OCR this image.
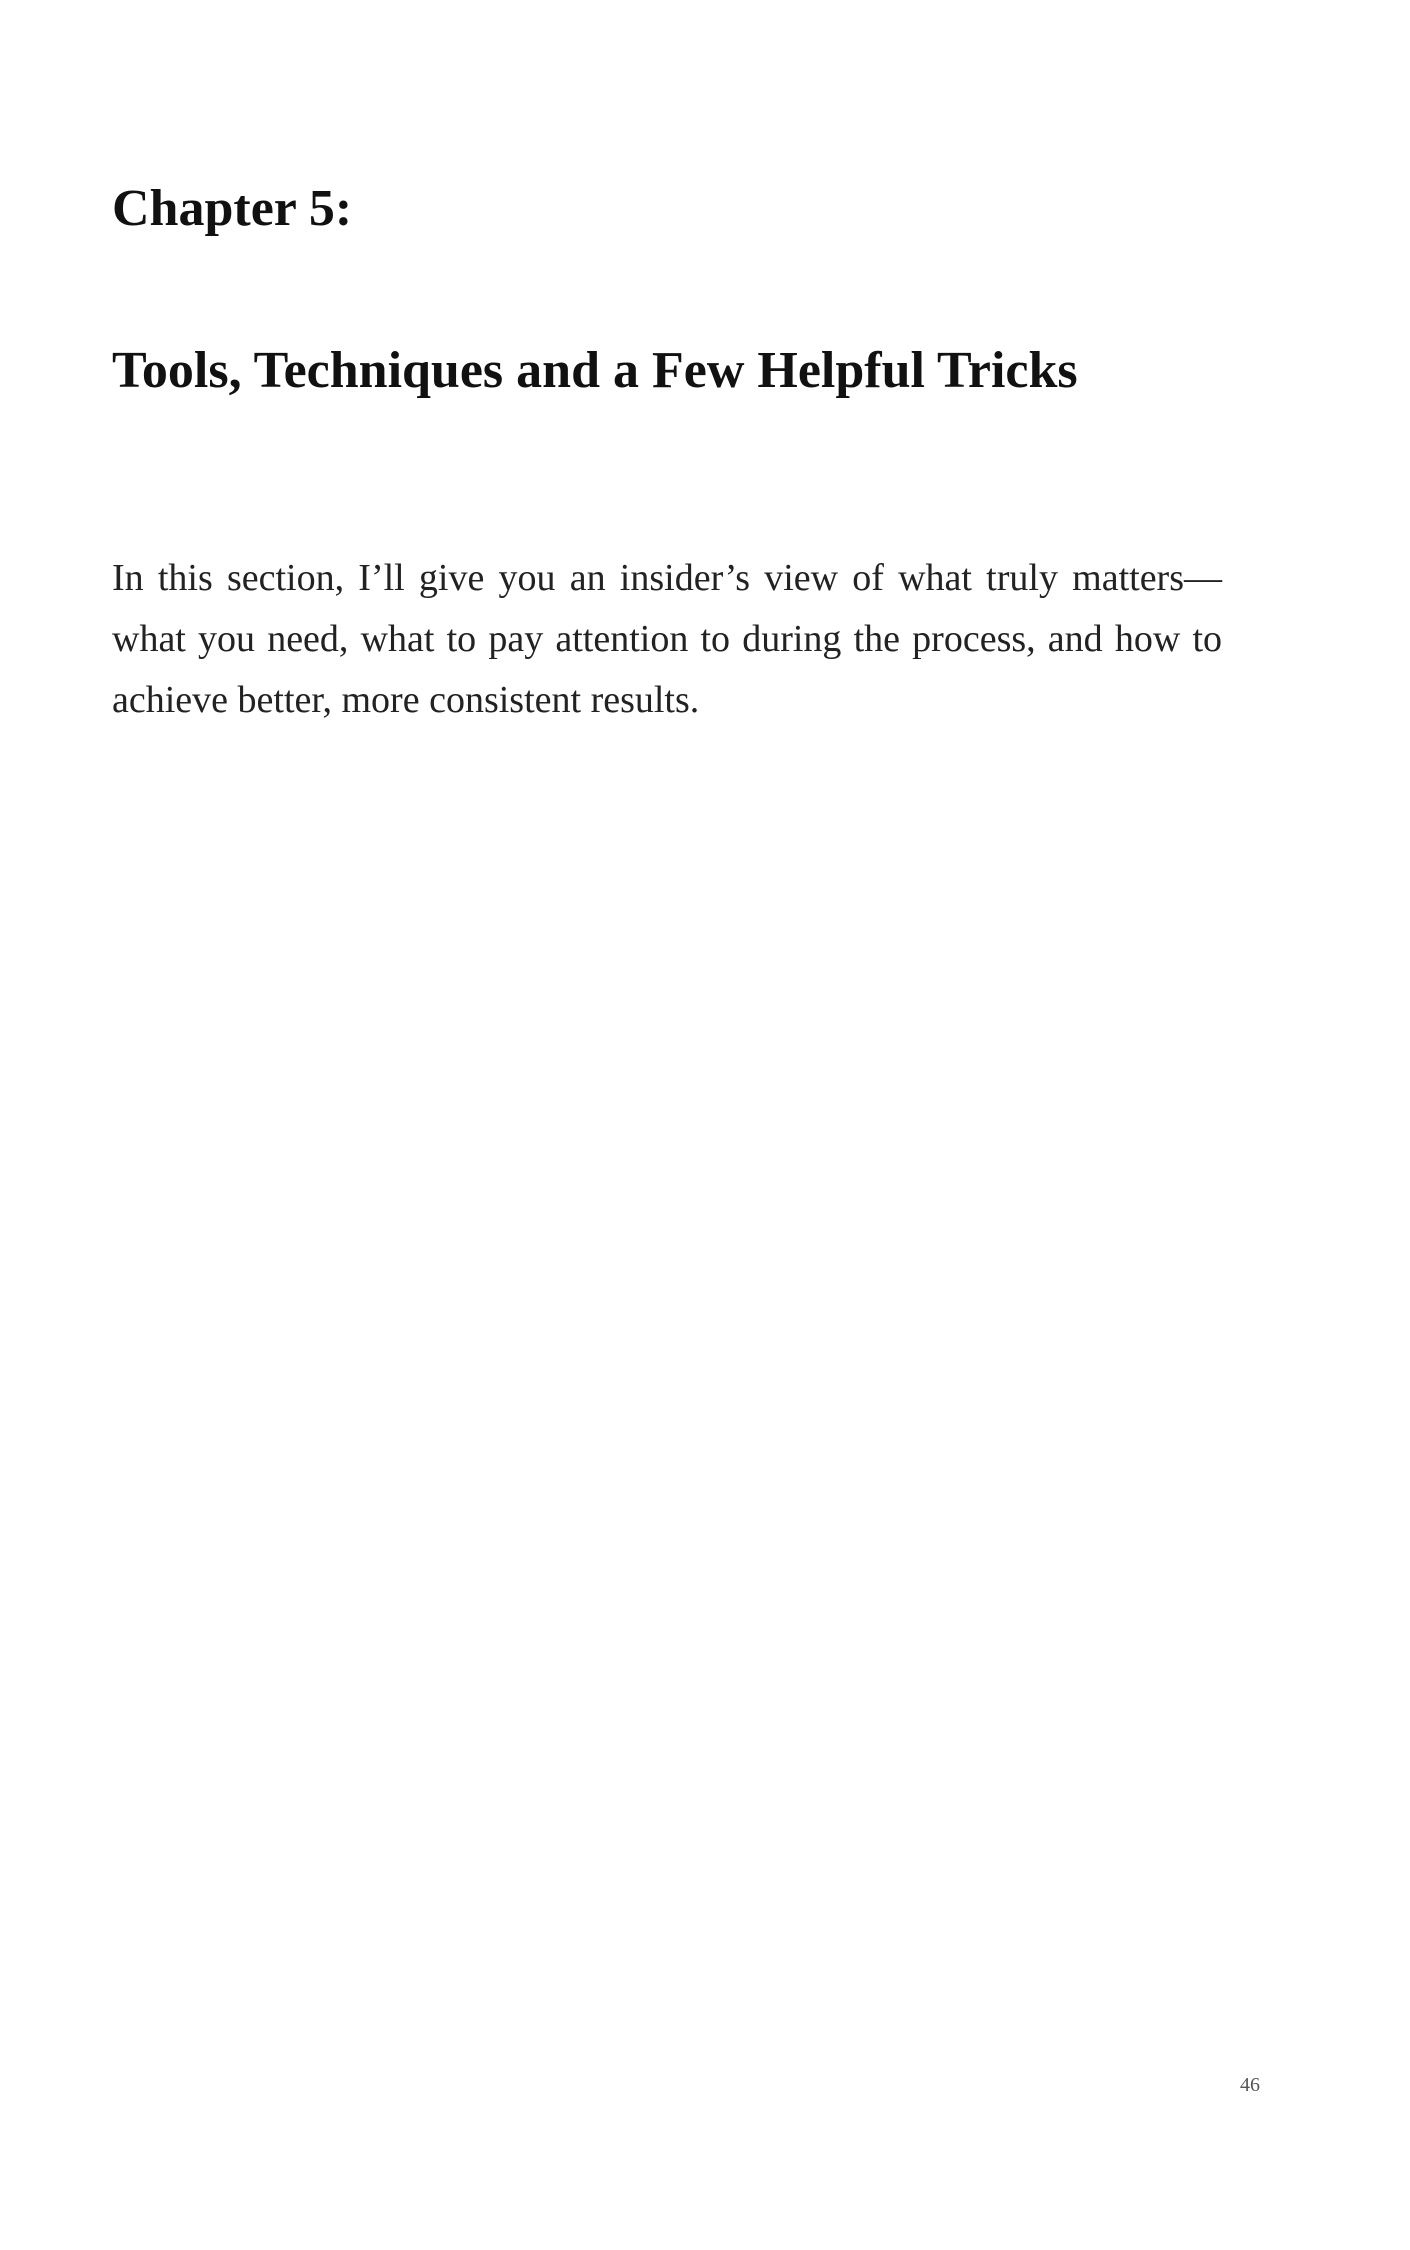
Chapter 5:
Tools, Techniques and a Few Helpful Tricks

In this section, I’ll give you an insider’s view of what truly matters—what you need, what to pay attention to during the process, and how to achieve better, more consistent results.

46
